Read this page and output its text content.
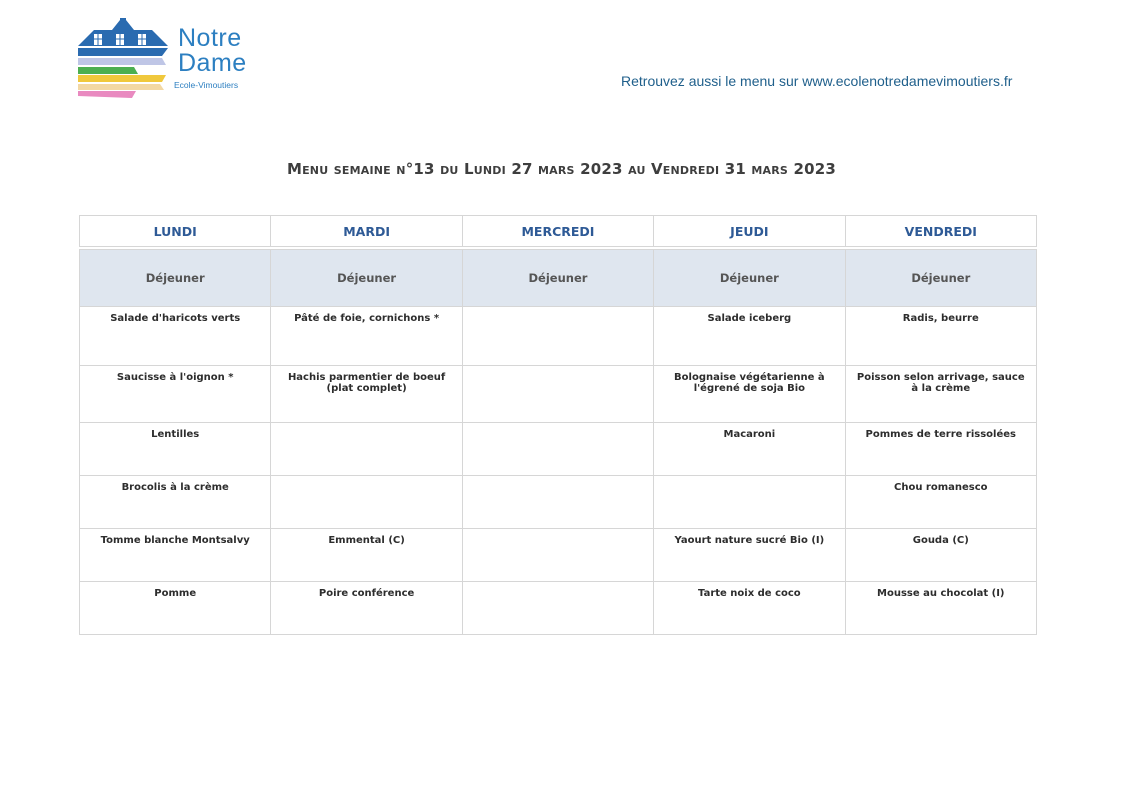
Notre
Dame
Ecole-Vimoutiers	Retrouvez aussi le menu sur www.ecolenotredamevimoutiers.fr
Menu semaine n°13 du Lundi 27 mars 2023 au Vendredi 31 mars 2023
LUNDI	MARDI	MERCREDI	JEUDI	VENDREDI

Déjeuner	Déjeuner	Déjeuner	Déjeuner	Déjeuner
Salade d'haricots verts	Pâté de foie, cornichons *		Salade iceberg	Radis, beurre
Saucisse à l'oignon *	Hachis parmentier de boeuf (plat complet)		Bolognaise végétarienne à l'égrené de soja Bio	Poisson selon arrivage, sauce à la crème
Lentilles			Macaroni	Pommes de terre rissolées
Brocolis à la crème				Chou romanesco
Tomme blanche Montsalvy	Emmental (C)		Yaourt nature sucré Bio (I)	Gouda (C)
Pomme	Poire conférence		Tarte noix de coco	Mousse au chocolat (I)
